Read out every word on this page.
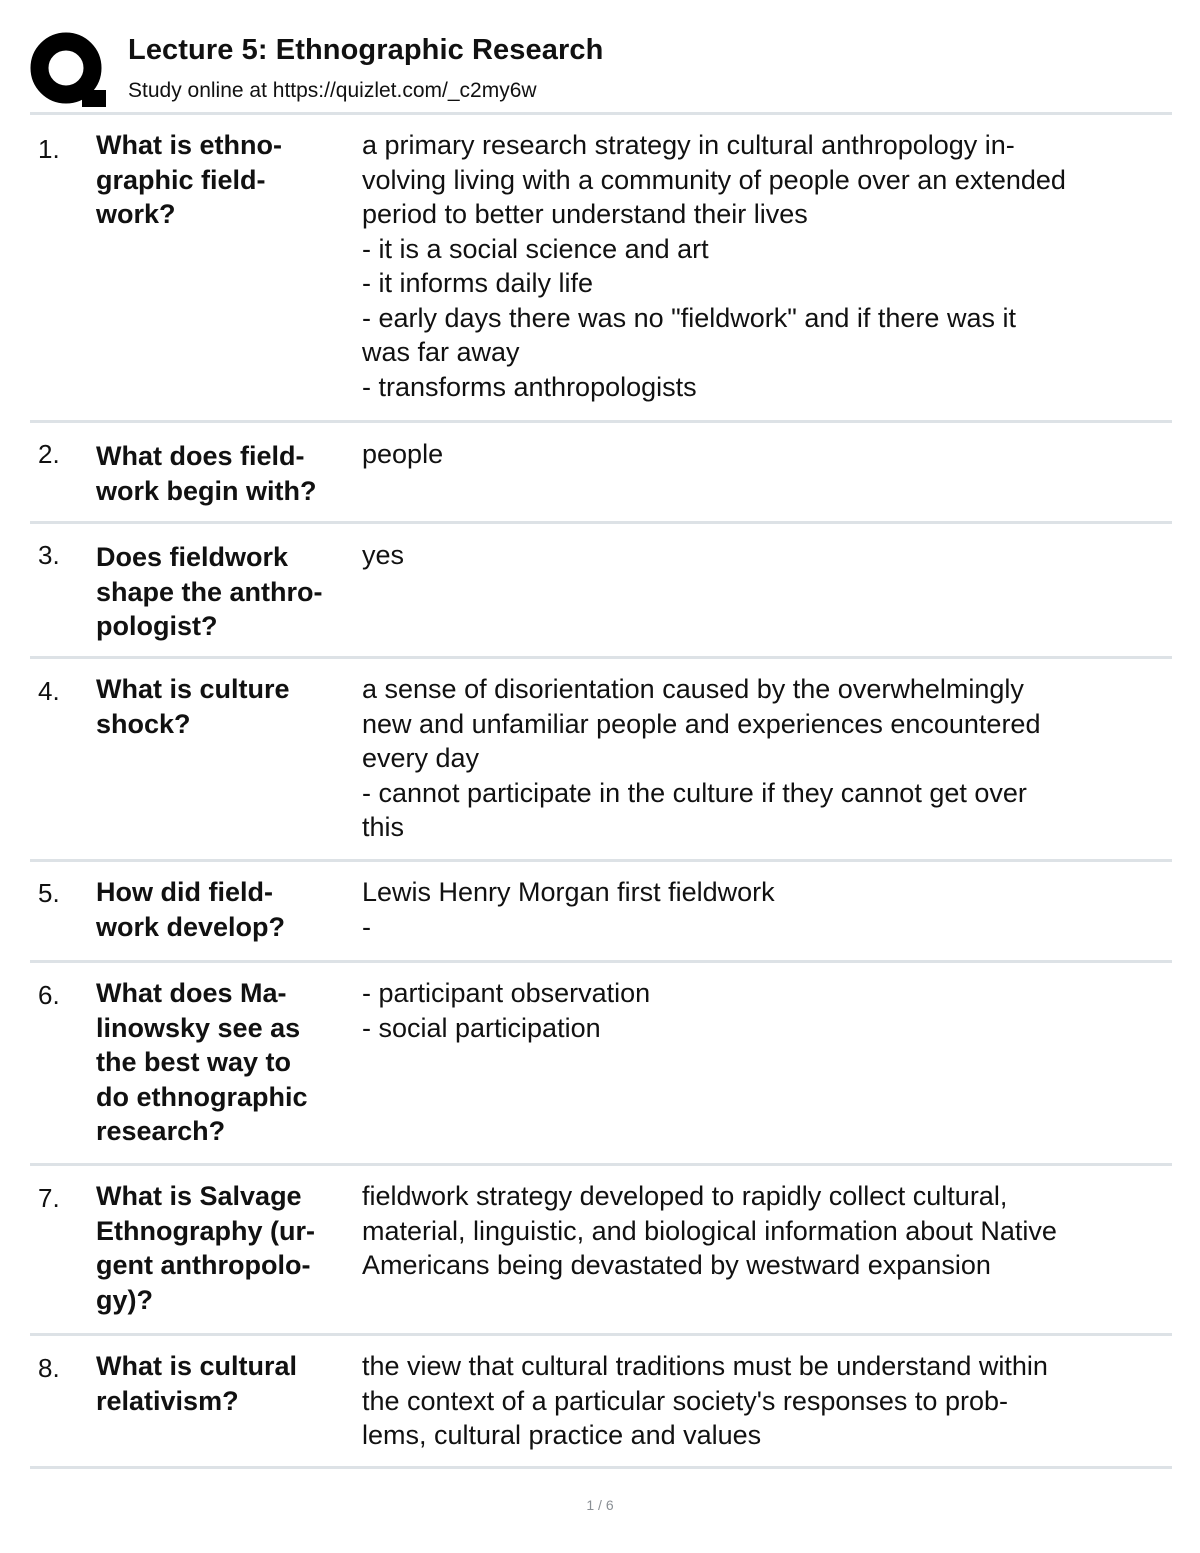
Lecture 5: Ethnographic Research
Study online at https://quizlet.com/_c2my6w
1. What is ethno-
graphic field-
work?
a primary research strategy in cultural anthropology in-
volving living with a community of people over an extended
period to better understand their lives
- it is a social science and art
- it informs daily life
- early days there was no "fieldwork" and if there was it
was far away
- transforms anthropologists
2. What does field-
work begin with?
people
3. Does fieldwork
shape the anthro-
pologist?
yes
4. What is culture
shock?
a sense of disorientation caused by the overwhelmingly
new and unfamiliar people and experiences encountered
every day
- cannot participate in the culture if they cannot get over
this
5. How did field-
work develop?
Lewis Henry Morgan first fieldwork
-
6. What does Ma-
linowsky see as
the best way to
do ethnographic
research?
- participant observation
- social participation
7. What is Salvage
Ethnography (ur-
gent anthropolo-
gy)?
fieldwork strategy developed to rapidly collect cultural,
material, linguistic, and biological information about Native
Americans being devastated by westward expansion
8. What is cultural
relativism?
the view that cultural traditions must be understand within
the context of a particular society's responses to prob-
lems, cultural practice and values
1 / 6
